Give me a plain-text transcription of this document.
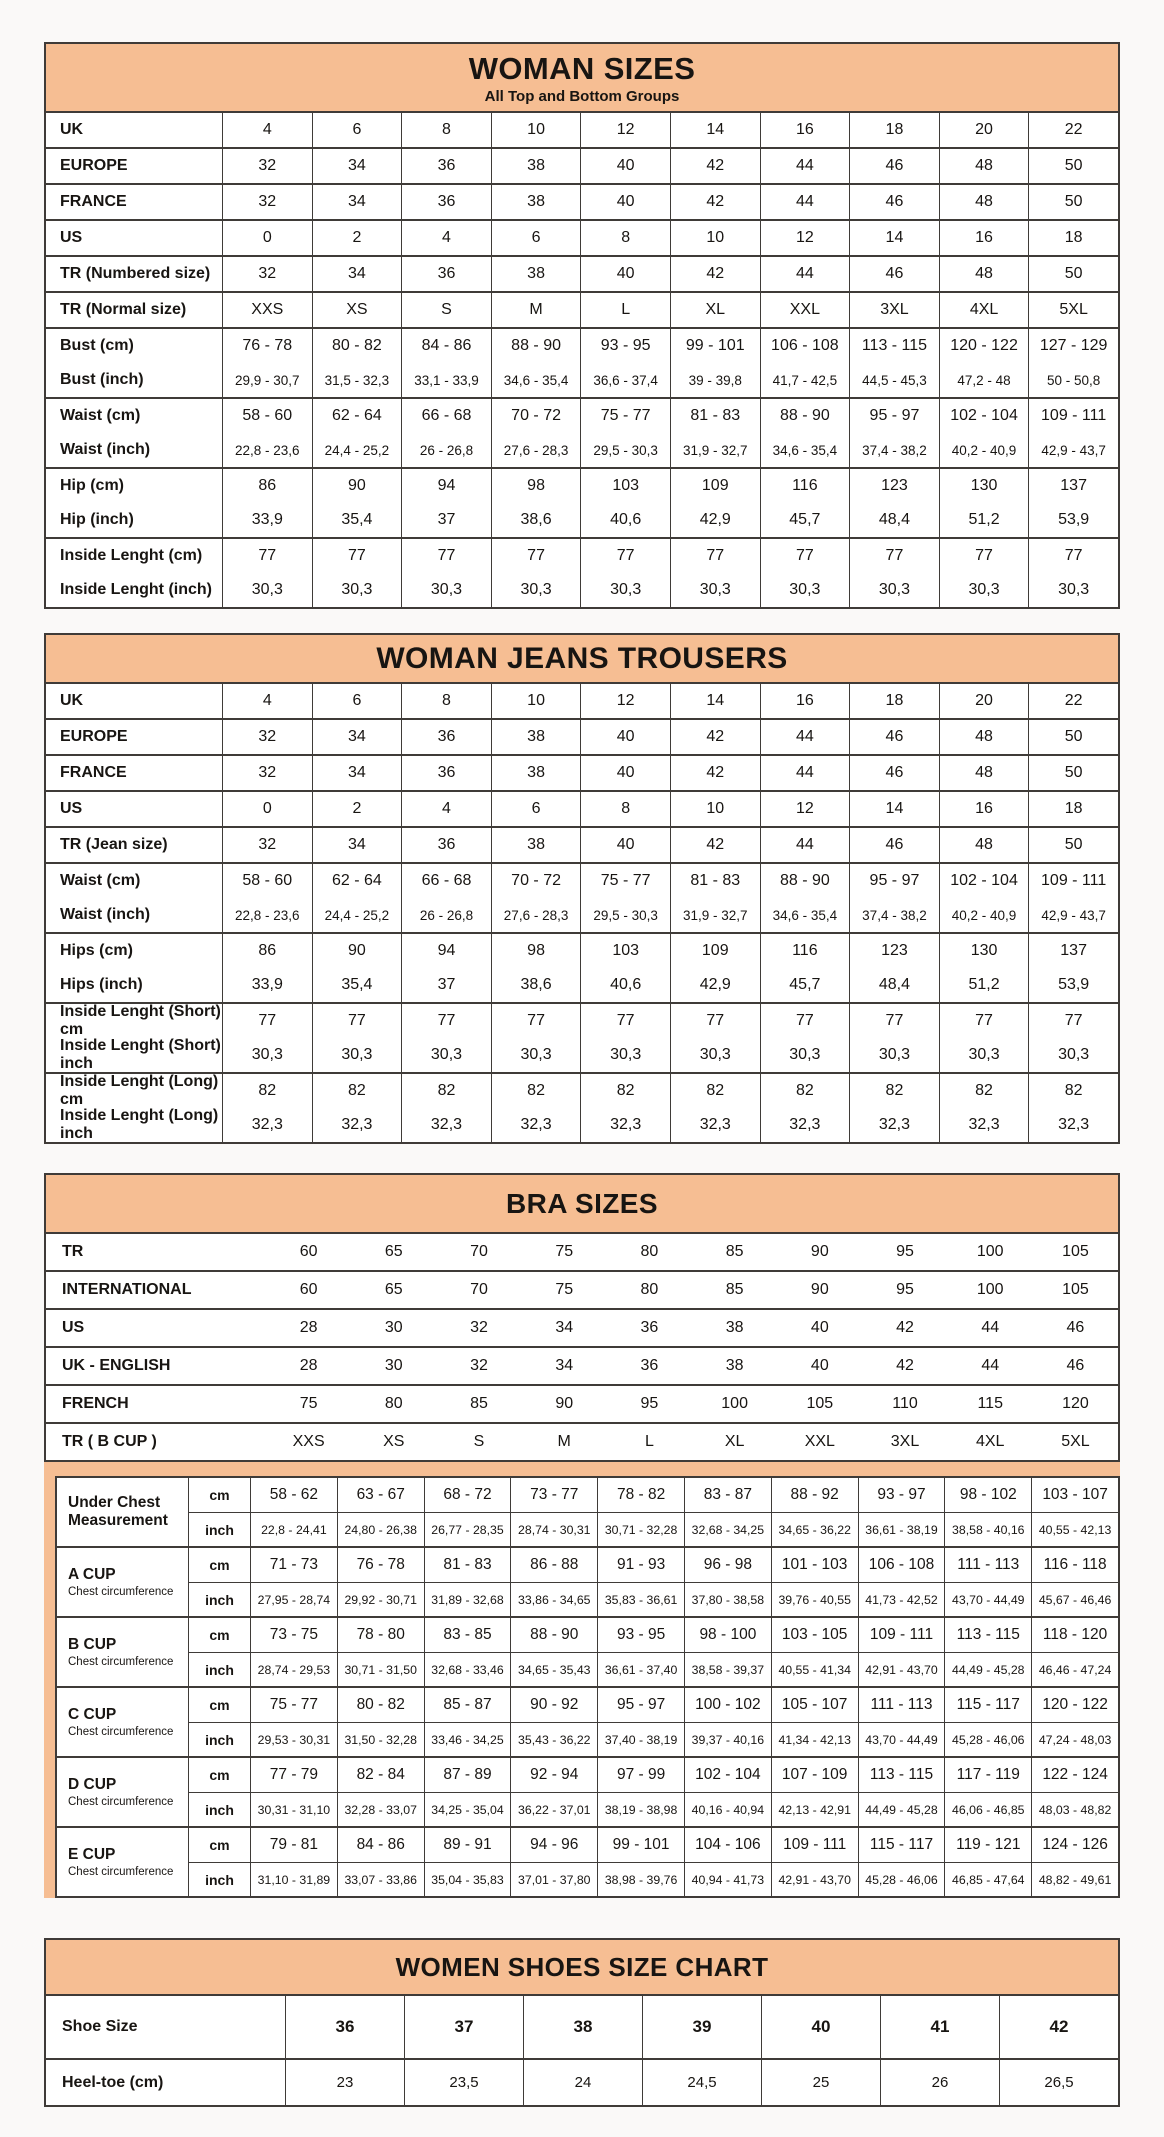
WOMAN SIZES
All Top and Bottom Groups
UK	4	6	8	10	12	14	16	18	20	22
EUROPE	32	34	36	38	40	42	44	46	48	50
FRANCE	32	34	36	38	40	42	44	46	48	50
US	0	2	4	6	8	10	12	14	16	18
TR (Numbered size)	32	34	36	38	40	42	44	46	48	50
TR (Normal size)	XXS	XS	S	M	L	XL	XXL	3XL	4XL	5XL
Bust (cm)	76 - 78	80 - 82	84 - 86	88 - 90	93 - 95	99 - 101	106 - 108	113 - 115	120 - 122	127 - 129
Bust (inch)	29,9 - 30,7	31,5 - 32,3	33,1 - 33,9	34,6 - 35,4	36,6 - 37,4	39 - 39,8	41,7 - 42,5	44,5 - 45,3	47,2 - 48	50 - 50,8
Waist (cm)	58 - 60	62 - 64	66 - 68	70 - 72	75 - 77	81 - 83	88 - 90	95 - 97	102 - 104	109 - 111
Waist (inch)	22,8 - 23,6	24,4 - 25,2	26 - 26,8	27,6 - 28,3	29,5 - 30,3	31,9 - 32,7	34,6 - 35,4	37,4 - 38,2	40,2 - 40,9	42,9 - 43,7
Hip (cm)	86	90	94	98	103	109	116	123	130	137
Hip (inch)	33,9	35,4	37	38,6	40,6	42,9	45,7	48,4	51,2	53,9
Inside Lenght (cm)	77	77	77	77	77	77	77	77	77	77
Inside Lenght (inch)	30,3	30,3	30,3	30,3	30,3	30,3	30,3	30,3	30,3	30,3
WOMAN JEANS TROUSERS
UK	4	6	8	10	12	14	16	18	20	22
EUROPE	32	34	36	38	40	42	44	46	48	50
FRANCE	32	34	36	38	40	42	44	46	48	50
US	0	2	4	6	8	10	12	14	16	18
TR (Jean size)	32	34	36	38	40	42	44	46	48	50
Waist (cm)	58 - 60	62 - 64	66 - 68	70 - 72	75 - 77	81 - 83	88 - 90	95 - 97	102 - 104	109 - 111
Waist (inch)	22,8 - 23,6	24,4 - 25,2	26 - 26,8	27,6 - 28,3	29,5 - 30,3	31,9 - 32,7	34,6 - 35,4	37,4 - 38,2	40,2 - 40,9	42,9 - 43,7
Hips (cm)	86	90	94	98	103	109	116	123	130	137
Hips (inch)	33,9	35,4	37	38,6	40,6	42,9	45,7	48,4	51,2	53,9
Inside Lenght (Short) cm
77	77	77	77	77	77	77	77	77	77
Inside Lenght (Short) inch
30,3	30,3	30,3	30,3	30,3	30,3	30,3	30,3	30,3	30,3
Inside Lenght (Long) cm
82	82	82	82	82	82	82	82	82	82
Inside Lenght (Long) inch
32,3	32,3	32,3	32,3	32,3	32,3	32,3	32,3	32,3	32,3
BRA SIZES
TR	60	65	70	75	80	85	90	95	100	105
INTERNATIONAL	60	65	70	75	80	85	90	95	100	105
US	28	30	32	34	36	38	40	42	44	46
UK - ENGLISH	28	30	32	34	36	38	40	42	44	46
FRENCH	75	80	85	90	95	100	105	110	115	120
TR ( B CUP )	XXS	XS	S	M	L	XL	XXL	3XL	4XL	5XL
Under Chest Measurement
cm	58 - 62	63 - 67	68 - 72	73 - 77	78 - 82	83 - 87	88 - 92	93 - 97	98 - 102	103 - 107
inch	22,8 - 24,41	24,80 - 26,38	26,77 - 28,35	28,74 - 30,31	30,71 - 32,28	32,68 - 34,25	34,65 - 36,22	36,61 - 38,19	38,58 - 40,16	40,55 - 42,13
A CUP
Chest circumference
cm	71 - 73	76 - 78	81 - 83	86 - 88	91 - 93	96 - 98	101 - 103	106 - 108	111 - 113	116 - 118
inch	27,95 - 28,74	29,92 - 30,71	31,89 - 32,68	33,86 - 34,65	35,83 - 36,61	37,80 - 38,58	39,76 - 40,55	41,73 - 42,52	43,70 - 44,49	45,67 - 46,46
B CUP
Chest circumference
cm	73 - 75	78 - 80	83 - 85	88 - 90	93 - 95	98 - 100	103 - 105	109 - 111	113 - 115	118 - 120
inch	28,74 - 29,53	30,71 - 31,50	32,68 - 33,46	34,65 - 35,43	36,61 - 37,40	38,58 - 39,37	40,55 - 41,34	42,91 - 43,70	44,49 - 45,28	46,46 - 47,24
C CUP
Chest circumference
cm	75 - 77	80 - 82	85 - 87	90 - 92	95 - 97	100 - 102	105 - 107	111 - 113	115 - 117	120 - 122
inch	29,53 - 30,31	31,50 - 32,28	33,46 - 34,25	35,43 - 36,22	37,40 - 38,19	39,37 - 40,16	41,34 - 42,13	43,70 - 44,49	45,28 - 46,06	47,24 - 48,03
D CUP
Chest circumference
cm	77 - 79	82 - 84	87 - 89	92 - 94	97 - 99	102 - 104	107 - 109	113 - 115	117 - 119	122 - 124
inch	30,31 - 31,10	32,28 - 33,07	34,25 - 35,04	36,22 - 37,01	38,19 - 38,98	40,16 - 40,94	42,13 - 42,91	44,49 - 45,28	46,06 - 46,85	48,03 - 48,82
E CUP
Chest circumference
cm	79 - 81	84 - 86	89 - 91	94 - 96	99 - 101	104 - 106	109 - 111	115 - 117	119 - 121	124 - 126
inch	31,10 - 31,89	33,07 - 33,86	35,04 - 35,83	37,01 - 37,80	38,98 - 39,76	40,94 - 41,73	42,91 - 43,70	45,28 - 46,06	46,85 - 47,64	48,82 - 49,61
WOMEN SHOES SIZE CHART
Shoe Size	36	37	38	39	40	41	42
Heel-toe (cm)	23	23,5	24	24,5	25	26	26,5
